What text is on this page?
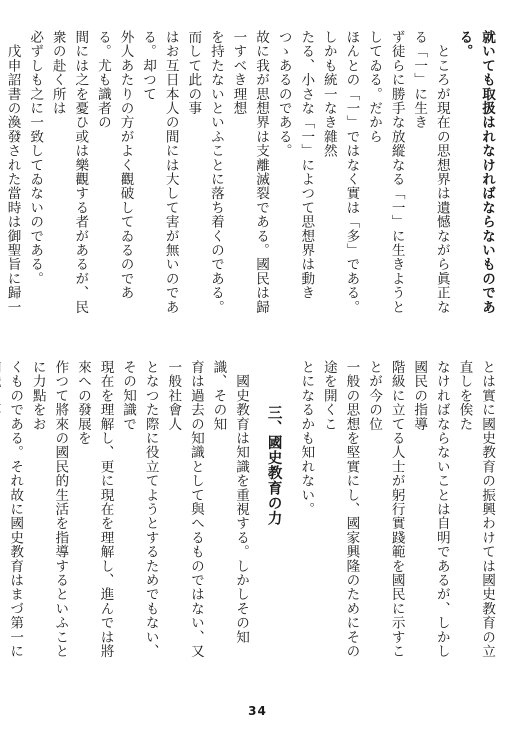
就いても取扱はれなければならないものである。

　ところが現在の思想界は遺憾ながら眞正なる「一」に生き

ず徒らに勝手な放縱なる「一」に生きようとしてゐる。だから

ほんとの「一」ではなく實は「多」である。しかも統一なき雜然

たる、小さな「一」によつて思想界は動きつゝあるのである。

故に我が思想界は支離滅裂である。國民は歸一すべき理想

を持たないといふことに落ち着くのである。而して此の事

はお互日本人の間には大して害が無いのである。却つて

外人あたりの方がよく觀破してゐるのである。尤も識者の

間には之を憂ひ或は樂觀する者があるが、民衆の赴く所は

必ずしも之に一致してゐないのである。

　戊申詔書の渙發された當時は御聖旨に歸一

とは實に國史教育の振興わけては國史教育の立直しを俟た

なければならないことは自明であるが、しかし國民の指導

階級に立てる人士が躬行實踐範を國民に示すことが今の位

一般の思想を堅實にし、國家興隆のためにその途を開くこ

とになるかも知れない。

三、國史教育の力

　國史教育は知識を重視する。しかしその知識、その知

育は過去の知識として與へるものではない、又一般社會人

となつた際に役立てようとするためでもない、その知識で

現在を理解し、更に現在を理解し、進んでは將來への發展を

作つて將來の國民的生活を指導するといふことに力點をお

くものである。それ故に國史教育はまづ第一に

34
